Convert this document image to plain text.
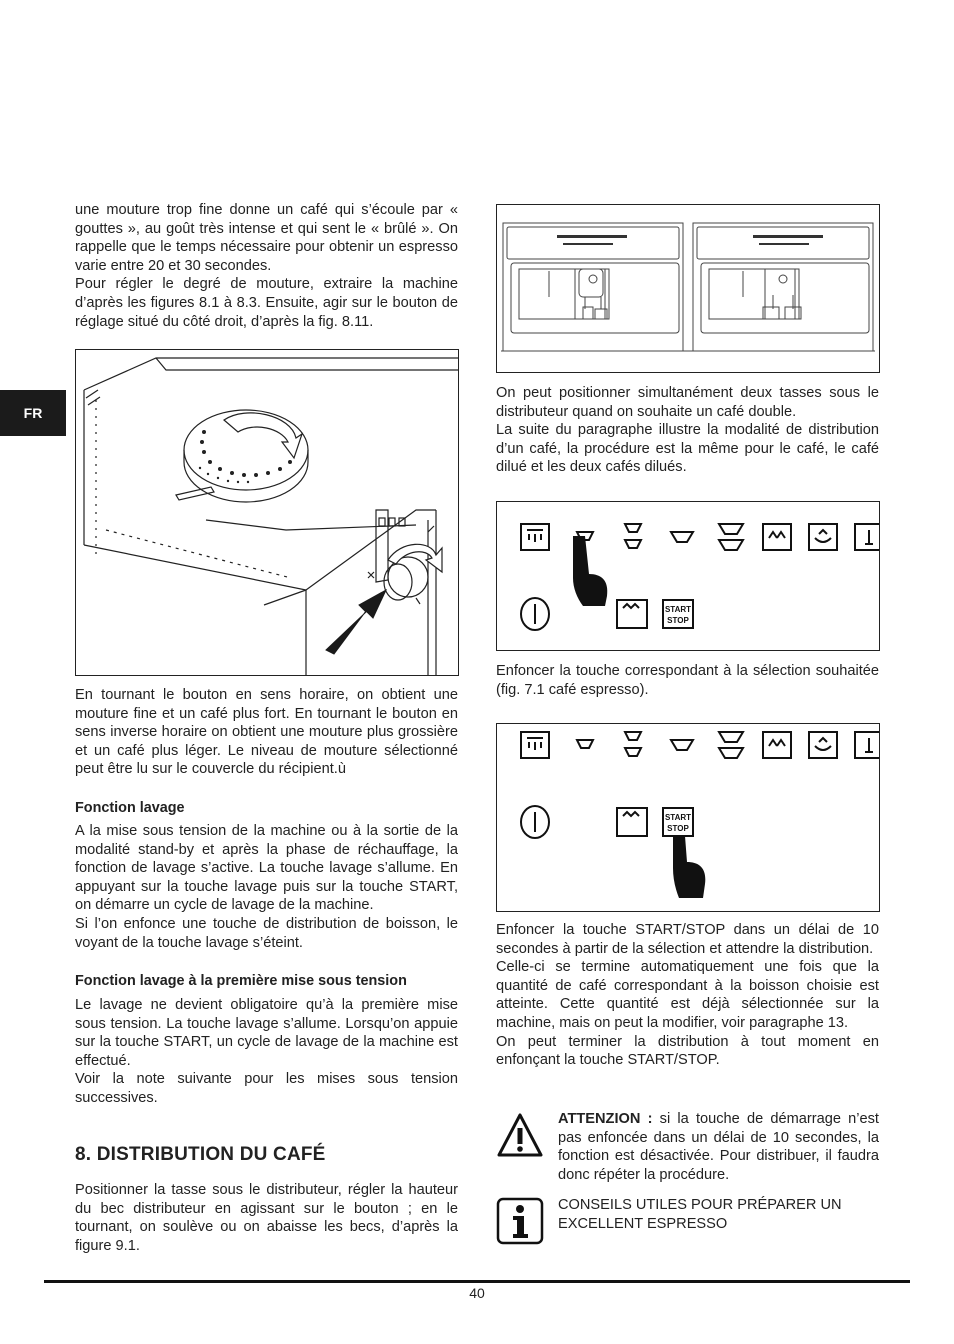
FR

une mouture trop fine donne un café qui s’écoule par « gouttes », au goût très intense et qui sent le « brûlé ». On rappelle que le temps nécessaire pour obtenir un espresso varie entre 20 et 30 secondes.

Pour régler le degré de mouture, extraire la machine d’après les figures 8.1 à 8.3. Ensuite, agir sur le bouton de réglage situé du côté droit, d’après la fig. 8.11.

En tournant le bouton en sens horaire, on obtient une mouture fine et un café plus fort. En tournant le bouton en sens inverse horaire on obtient une mouture plus grossière et un café plus léger. Le niveau de mouture sélectionné peut être lu sur le couvercle du récipient.ù

Fonction lavage

A la mise sous tension de la machine ou à la sortie de la modalité stand-by et après la phase de réchauffage, la fonction de lavage s’active. La touche lavage s’allume. En appuyant sur la touche lavage puis sur la touche START, on démarre un cycle de lavage de la machine.

Si l’on enfonce une touche de distribution de boisson, le voyant de la touche lavage s’éteint.

Fonction lavage à la première mise sous tension

Le lavage ne devient obligatoire qu’à la première mise sous tension. La touche lavage s’allume. Lorsqu’on appuie sur la touche START, un cycle de lavage de la machine est effectué.

Voir la note suivante pour les mises sous tension successives.

8. DISTRIBUTION DU CAFÉ

Positionner la tasse sous le distributeur, régler la hauteur du bec distributeur en agissant sur le bouton ; en le tournant, on soulève ou on abaisse les becs, d’après la figure 9.1.

On peut positionner simultanément deux tasses sous le distributeur quand on souhaite un café double.

La suite du paragraphe illustre la modalité de distribution d’un café, la procédure est la même pour le café, le café dilué et les deux cafés dilués.

START
STOP

Enfoncer la touche correspondant à la sélection souhaitée (fig. 7.1 café espresso).

START
STOP

Enfoncer la touche START/STOP dans un délai de 10 secondes à partir de la sélection et attendre la distribution.

Celle-ci se termine automatiquement une fois que la quantité de café correspondant à la boisson choisie est atteinte. Cette quantité est déjà sélectionnée sur la machine, mais on peut la modifier, voir paragraphe 13.

On peut terminer la distribution à tout moment en enfonçant la touche START/STOP.

ATTENZION : si la touche de démarrage n’est pas enfoncée dans un délai de 10 secondes, la fonction est désactivée. Pour distribuer, il faudra donc répéter la procédure.
CONSEILS UTILES POUR PRÉPARER UN EXCELLENT ESPRESSO
40
